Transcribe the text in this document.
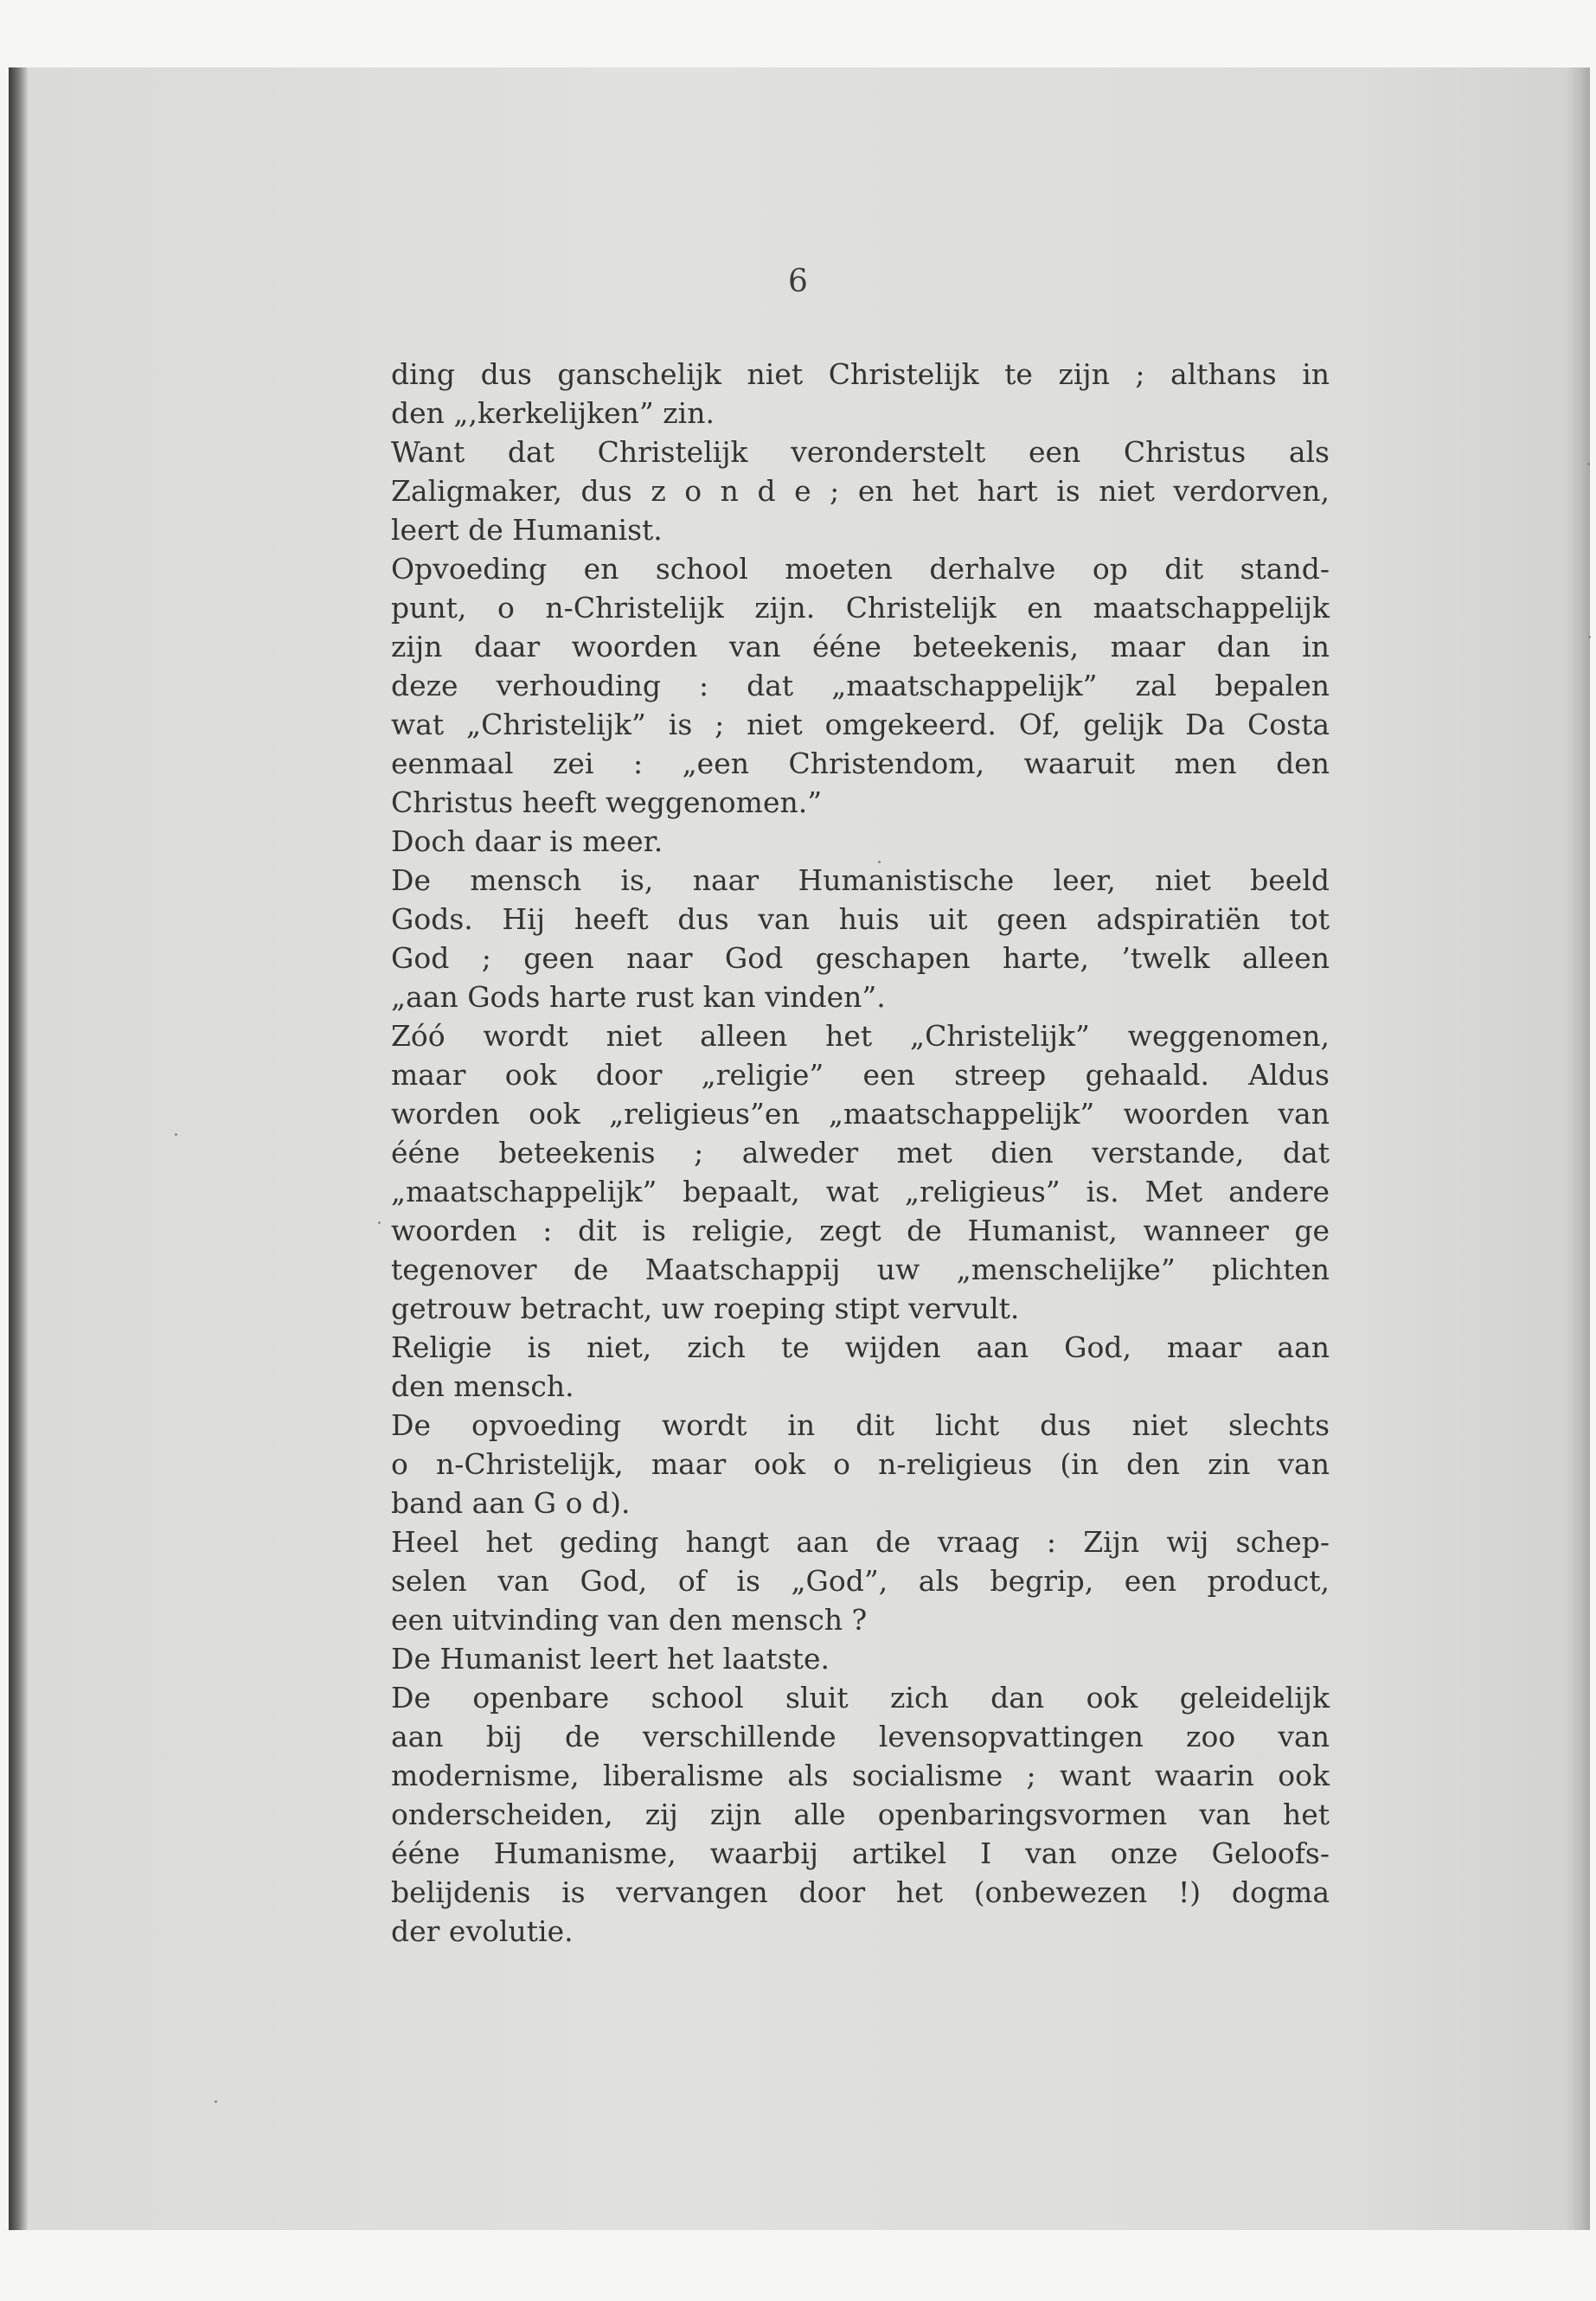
6
ding dus ganschelijk niet Christelijk te zijn ; althans in
den „,kerkelijken” zin.
Want dat Christelijk veronderstelt een Christus als
Zaligmaker, dus z o n d e ; en het hart is niet verdorven,
leert de Humanist.
Opvoeding en school moeten derhalve op dit stand-
punt, o n-Christelijk zijn. Christelijk en maatschappelijk
zijn daar woorden van ééne beteekenis, maar dan in
deze verhouding : dat „maatschappelijk” zal bepalen
wat „Christelijk” is ; niet omgekeerd. Of, gelijk Da Costa
eenmaal zei : „een Christendom, waaruit men den
Christus heeft weggenomen.”
Doch daar is meer.
De mensch is, naar Humanistische leer, niet beeld
Gods. Hij heeft dus van huis uit geen adspiratiën tot
God ; geen naar God geschapen harte, ’twelk alleen
„aan Gods harte rust kan vinden”.
Zóó wordt niet alleen het „Christelijk” weggenomen,
maar ook door „religie” een streep gehaald. Aldus
worden ook „religieus”en „maatschappelijk” woorden van
ééne beteekenis ; alweder met dien verstande, dat
„maatschappelijk” bepaalt, wat „religieus” is. Met andere
woorden : dit is religie, zegt de Humanist, wanneer ge
tegenover de Maatschappij uw „menschelijke” plichten
getrouw betracht, uw roeping stipt vervult.
Religie is niet, zich te wijden aan God, maar aan
den mensch.
De opvoeding wordt in dit licht dus niet slechts
o n-Christelijk, maar ook o n-religieus (in den zin van
band aan G o d).
Heel het geding hangt aan de vraag : Zijn wij schep-
selen van God, of is „God”, als begrip, een product,
een uitvinding van den mensch ?
De Humanist leert het laatste.
De openbare school sluit zich dan ook geleidelijk
aan bij de verschillende levensopvattingen zoo van
modernisme, liberalisme als socialisme ; want waarin ook
onderscheiden, zij zijn alle openbaringsvormen van het
ééne Humanisme, waarbij artikel I van onze Geloofs-
belijdenis is vervangen door het (onbewezen !) dogma
der evolutie.
